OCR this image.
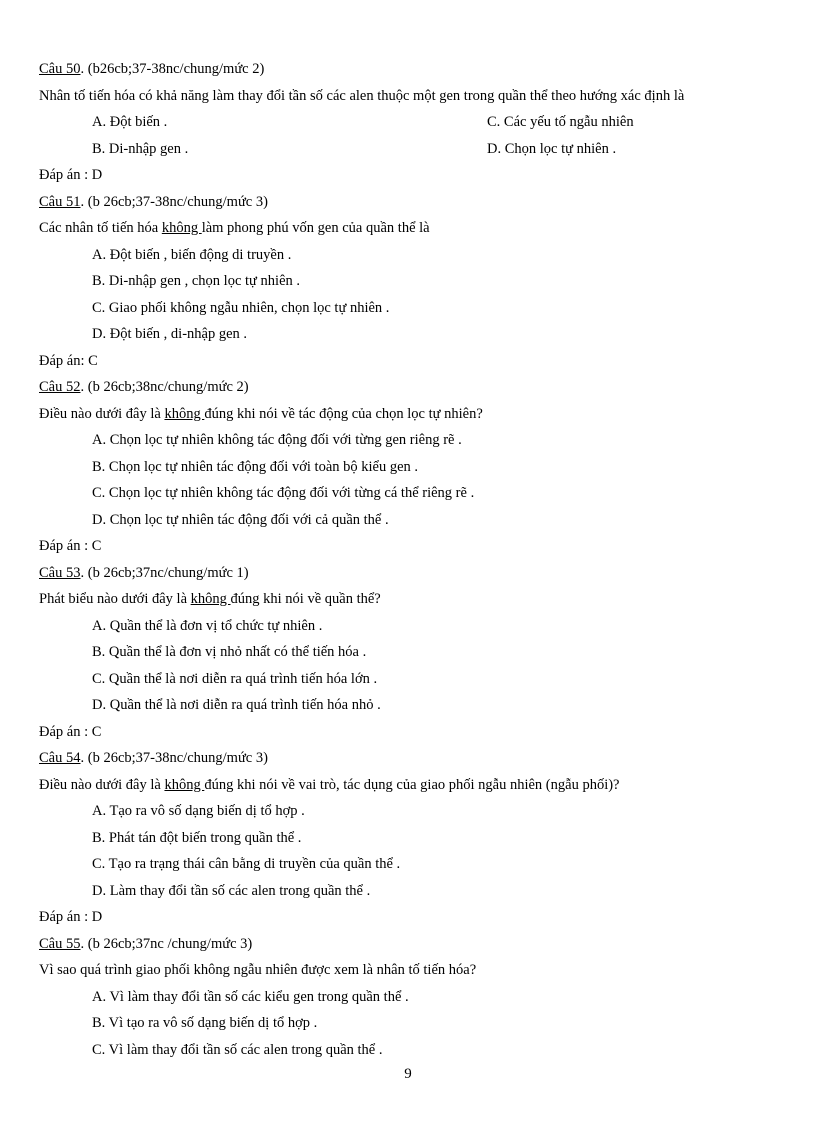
Câu 50. (b26cb;37-38nc/chung/mức 2)
Nhân tố tiến hóa có khả năng làm thay đổi tần số các alen thuộc một gen trong quần thể theo hướng xác định là
A. Đột biến .	C. Các yếu tố ngẫu nhiên
B. Di-nhập gen .	D. Chọn lọc tự nhiên .
Đáp án : D
Câu 51. (b 26cb;37-38nc/chung/mức 3)
Các nhân tố tiến hóa không làm phong phú vốn gen của quần thể là
A. Đột biến , biến động di truyền .
B. Di-nhập gen , chọn lọc tự nhiên .
C. Giao phối không ngẫu nhiên, chọn lọc tự nhiên .
D. Đột biến , di-nhập gen .
Đáp án: C
Câu 52. (b 26cb;38nc/chung/mức 2)
Điều nào dưới đây là không đúng khi nói về tác động của chọn lọc tự nhiên?
A. Chọn lọc tự nhiên không tác động đối với từng gen riêng rẽ .
B. Chọn lọc tự nhiên tác động đối với toàn bộ kiểu gen .
C. Chọn lọc tự nhiên không tác động đối với từng cá thể riêng rẽ .
D. Chọn lọc tự nhiên tác động đối với cả quần thể .
Đáp án : C
Câu 53. (b 26cb;37nc/chung/mức 1)
Phát biểu nào dưới đây là không đúng khi nói về quần thể?
A. Quần thể là đơn vị tổ chức tự nhiên .
B. Quần thể là đơn vị nhỏ nhất có thể tiến hóa .
C. Quần thể là nơi diễn ra quá trình tiến hóa lớn .
D. Quần thể là nơi diễn ra quá trình tiến hóa nhỏ .
Đáp án : C
Câu 54. (b 26cb;37-38nc/chung/mức 3)
Điều nào dưới đây là không đúng khi nói về vai trò, tác dụng của giao phối ngẫu nhiên (ngẫu phối)?
A. Tạo ra vô số dạng biến dị tổ hợp .
B. Phát tán đột biến trong quần thể .
C. Tạo ra trạng thái cân bằng di truyền của quần thể .
D. Làm thay đổi tần số các alen trong quần thể .
Đáp án : D
Câu 55. (b 26cb;37nc /chung/mức 3)
Vì sao quá trình giao phối không ngẫu nhiên được xem là nhân tố tiến hóa?
A. Vì làm thay đổi tần số các kiểu gen trong quần thể .
B. Vì tạo ra vô số dạng biến dị tổ hợp .
C. Vì làm thay đổi tần số các alen trong quần thể .
9
